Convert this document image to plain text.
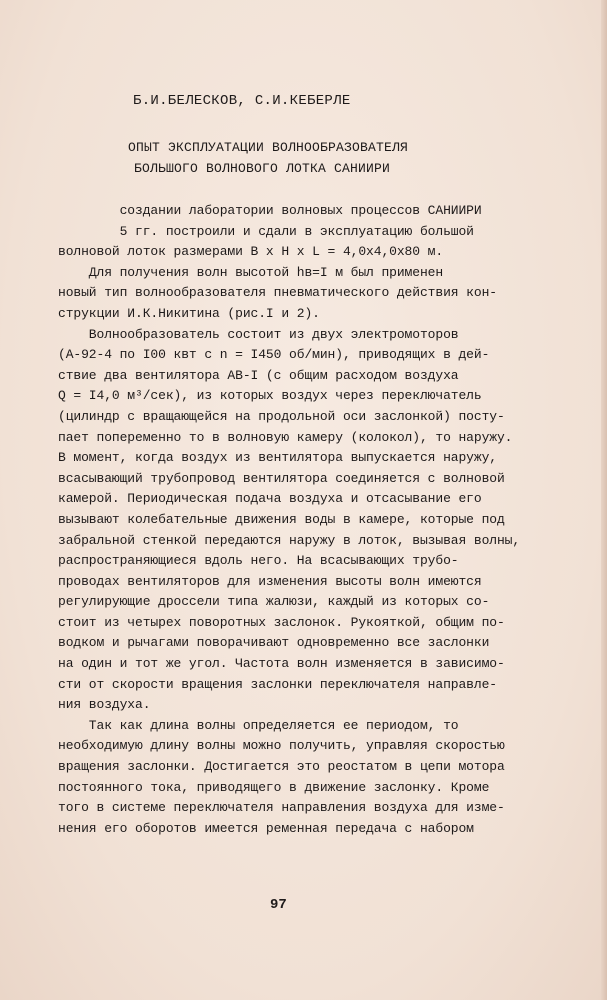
Б.И.БЕЛЕСКОВ, С.И.КЕБЕРЛЕ
ОПЫТ ЭКСПЛУАТАЦИИ ВОЛНООБРАЗОВАТЕЛЯ
БОЛЬШОГО ВОЛНОВОГО ЛОТКА САНИИРИ
создании лаборатории волновых процессов САНИИРИ
5 гг. построили и сдали в эксплуатацию большой
волновой лоток размерами B x H x L = 4,0x4,0x80 м.
Для получения волн высотой hв=I м был применен
новый тип волнообразователя пневматического действия кон-
струкции И.К.Никитина (рис.I и 2).
Волнообразователь состоит из двух электромоторов
(А-92-4 по I00 квт с n = I450 об/мин), приводящих в дей-
ствие два вентилятора АВ-I (с общим расходом воздуха
Q = I4,0 м³/сек), из которых воздух через переключатель
(цилиндр с вращающейся на продольной оси заслонкой) посту-
пает попеременно то в волновую камеру (колокол), то наружу.
В момент, когда воздух из вентилятора выпускается наружу,
всасывающий трубопровод вентилятора соединяется с волновой
камерой. Периодическая подача воздуха и отсасывание его
вызывают колебательные движения воды в камере, которые под
забральной стенкой передаются наружу в лоток, вызывая волны,
распространяющиеся вдоль него. На всасывающих трубо-
проводах вентиляторов для изменения высоты волн имеются
регулирующие дроссели типа жалюзи, каждый из которых со-
стоит из четырех поворотных заслонок. Рукояткой, общим по-
водком и рычагами поворачивают одновременно все заслонки
на один и тот же угол. Частота волн изменяется в зависимо-
сти от скорости вращения заслонки переключателя направле-
ния воздуха.
Так как длина волны определяется ее периодом, то
необходимую длину волны можно получить, управляя скоростью
вращения заслонки. Достигается это реостатом в цепи мотора
постоянного тока, приводящего в движение заслонку. Кроме
того в системе переключателя направления воздуха для изме-
нения его оборотов имеется ременная передача с набором
97
